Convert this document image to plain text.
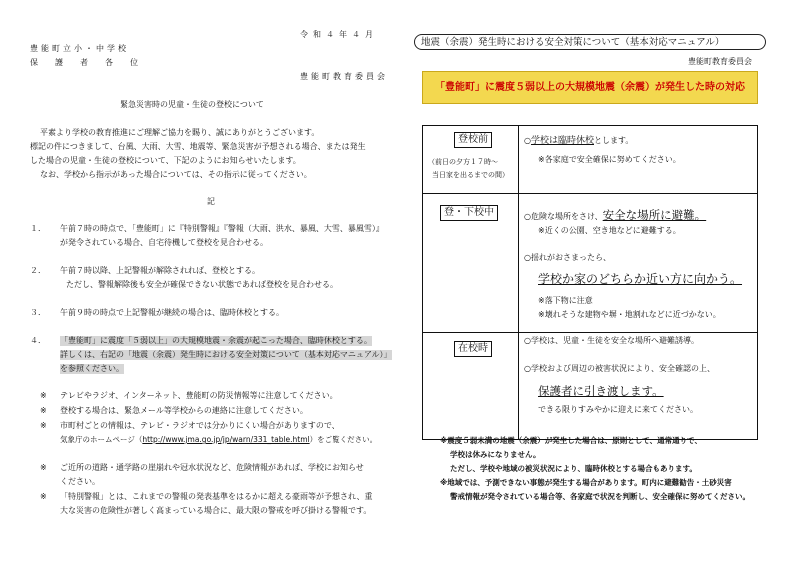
令和４年４月
豊能町立小・中学校
保護者各位
豊能町教育委員会
緊急災害時の児童・生徒の登校について
平素より学校の教育推進にご理解ご協力を賜り、誠にありがとうございます。
標記の件につきまして、台風、大雨、大雪、地震等、緊急災害が予想される場合、または発生
した場合の児童・生徒の登校について、下記のようにお知らせいたします。
なお、学校から指示があった場合については、その指示に従ってください。
記
１． 午前７時の時点で、「豊能町」に『特別警報』『警報（大雨、洪水、暴風、大雪、暴風雪）』
が発令されている場合、自宅待機して登校を見合わせる。
２． 午前７時以降、上記警報が解除されれば、登校とする。
ただし、警報解除後も安全が確保できない状態であれば登校を見合わせる。
３． 午前９時の時点で上記警報が継続の場合は、臨時休校とする。
４． 「豊能町」に震度「５弱以上」の大規模地震・余震が起こった場合、臨時休校とする。
詳しくは、右記の「地震（余震）発生時における安全対策について（基本対応マニュアル）」
を参照ください。
※ テレビやラジオ、インターネット、豊能町の防災情報等に注意してください。
※ 登校する場合は、緊急メール等学校からの連絡に注意してください。
※ 市町村ごとの情報は、テレビ・ラジオでは分かりにくい場合がありますので、
気象庁のホームページ（http://www.jma.go.jp/jp/warn/331_table.html）をご覧ください。
※ ご近所の道路・通学路の崖崩れや冠水状況など、危険情報があれば、学校にお知らせ
ください。
※ 「特別警報」とは、これまでの警報の発表基準をはるかに超える豪雨等が予想され、重
大な災害の危険性が著しく高まっている場合に、最大限の警戒を呼び掛ける警報です。
地震（余震）発生時における安全対策について（基本対応マニュアル）
豊能町教育委員会
「豊能町」に震度５弱以上の大規模地震（余震）が発生した時の対応
登校前
（前日の夕方１７時～
当日家を出るまでの間）
○学校は臨時休校とします。
※各家庭で安全確保に努めてください。
登・下校中	○危険な場所をさけ、安全な場所に避難。
※近くの公園、空き地などに避難する。
○揺れがおさまったら、
学校か家のどちらか近い方に向かう。
※落下物に注意
※壊れそうな建物や塀・地割れなどに近づかない。
在校時
○学校は、児童・生徒を安全な場所へ避難誘導。
○学校および周辺の被害状況により、安全確認の上、
保護者に引き渡します。
できる限りすみやかに迎えに来てください。
※震度５弱未満の地震（余震）が発生した場合は、原則として、通常通りで、
学校は休みになりません。
ただし、学校や地域の被災状況により、臨時休校とする場合もあります。
※地域では、予測できない事態が発生する場合があります。町内に避難勧告・土砂災害
警戒情報が発令されている場合等、各家庭で状況を判断し、安全確保に努めてください。
